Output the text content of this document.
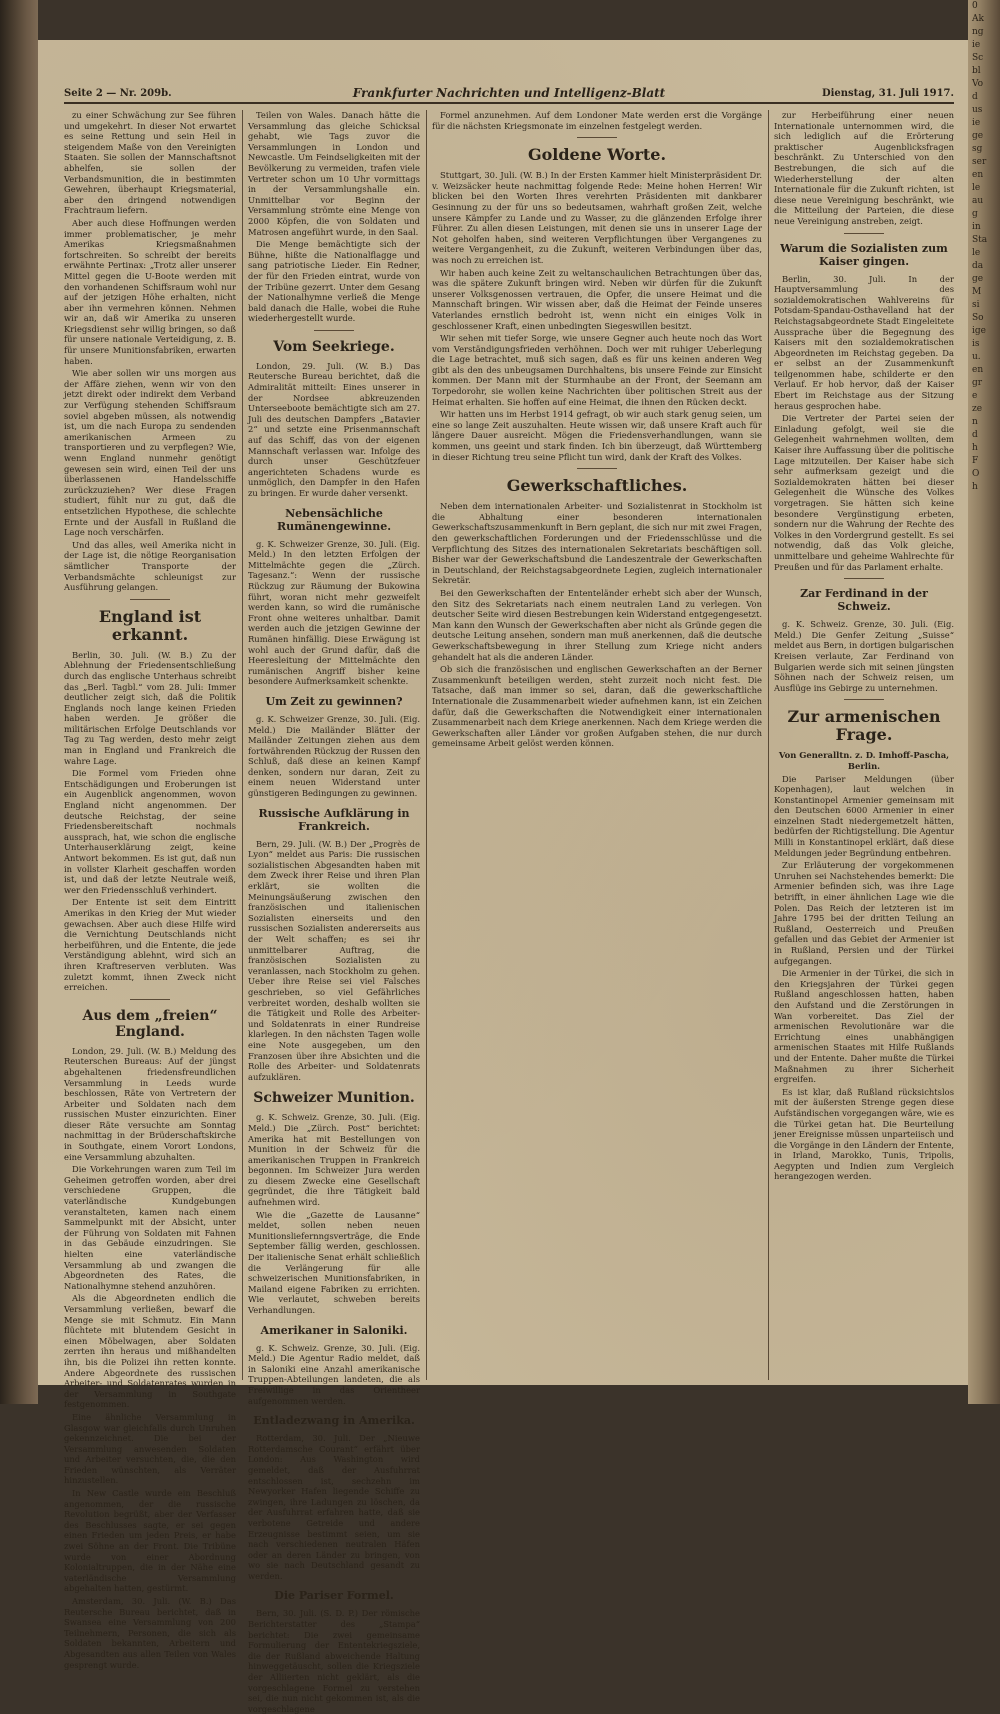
Seite 2 — Nr. 209b.	Frankfurter Nachrichten und Intelligenz-Blatt	Dienstag, 31. Juli 1917.

zu einer Schwächung zur See führen und umgekehrt. In dieser Not erwartet es seine Rettung und sein Heil in steigendem Maße von den Vereinigten Staaten. Sie sollen der Mannschaftsnot abhelfen, sie sollen der Verbandsmunition, die in bestimmten Gewehren, überhaupt Kriegsmaterial, aber den dringend notwendigen Frachtraum liefern.

Aber auch diese Hoffnungen werden immer problematischer, je mehr Amerikas Kriegsmaßnahmen fortschreiten. So schreibt der bereits erwähnte Pertinax: „Trotz aller unserer Mittel gegen die U-Boote werden mit den vorhandenen Schiffsraum wohl nur auf der jetzigen Höhe erhalten, nicht aber ihn vermehren können. Nehmen wir an, daß wir Amerika zu unseren Kriegsdienst sehr willig bringen, so daß für unsere nationale Verteidigung, z. B. für unsere Munitionsfabriken, erwarten haben.

Wie aber sollen wir uns morgen aus der Affäre ziehen, wenn wir von den jetzt direkt oder indirekt dem Verband zur Verfügung stehenden Schiffsraum soviel abgeben müssen, als notwendig ist, um die nach Europa zu sendenden amerikanischen Armeen zu transportieren und zu verpflegen? Wie, wenn England nunmehr genötigt gewesen sein wird, einen Teil der uns überlassenen Handelsschiffe zurückzuziehen? Wer diese Fragen studiert, fühlt nur zu gut, daß die entsetzlichen Hypothese, die schlechte Ernte und der Ausfall in Rußland die Lage noch verschärfen.

Und das alles, weil Amerika nicht in der Lage ist, die nötige Reorganisation sämtlicher Transporte der Verbandsmächte schleunigst zur Ausführung gelangen.

England ist erkannt.

Berlin, 30. Juli. (W. B.) Zu der Ablehnung der Friedensentschließung durch das englische Unterhaus schreibt das „Berl. Tagbl.“ vom 28. Juli: Immer deutlicher zeigt sich, daß die Politik Englands noch lange keinen Frieden haben werden. Je größer die militärischen Erfolge Deutschlands vor Tag zu Tag werden, desto mehr zeigt man in England und Frankreich die wahre Lage.

Die Formel vom Frieden ohne Entschädigungen und Eroberungen ist ein Augenblick angenommen, wovon England nicht angenommen. Der deutsche Reichstag, der seine Friedensbereitschaft nochmals aussprach, hat, wie schon die englische Unterhauserklärung zeigt, keine Antwort bekommen. Es ist gut, daß nun in vollster Klarheit geschaffen worden ist, und daß der letzte Neutrale weiß, wer den Friedensschluß verhindert.

Der Entente ist seit dem Eintritt Amerikas in den Krieg der Mut wieder gewachsen. Aber auch diese Hilfe wird die Vernichtung Deutschlands nicht herbeiführen, und die Entente, die jede Verständigung ablehnt, wird sich an ihren Kraftreserven verbluten. Was zuletzt kommt, ihnen Zweck nicht erreichen.

Aus dem „freien“ England.

London, 29. Juli. (W. B.) Meldung des Reuterschen Bureaus: Auf der jüngst abgehaltenen friedensfreundlichen Versammlung in Leeds wurde beschlossen, Räte von Vertretern der Arbeiter und Soldaten nach dem russischen Muster einzurichten. Einer dieser Räte versuchte am Sonntag nachmittag in der Brüderschaftskirche in Southgate, einem Vorort Londons, eine Versammlung abzuhalten.

Die Vorkehrungen waren zum Teil im Geheimen getroffen worden, aber drei verschiedene Gruppen, die vaterländische Kundgebungen veranstalteten, kamen nach einem Sammelpunkt mit der Absicht, unter der Führung von Soldaten mit Fahnen in das Gebäude einzudringen. Sie hielten eine vaterländische Versammlung ab und zwangen die Abgeordneten des Rates, die Nationalhymne stehend anzuhören.

Als die Abgeordneten endlich die Versammlung verließen, bewarf die Menge sie mit Schmutz. Ein Mann flüchtete mit blutendem Gesicht in einen Möbelwagen, aber Soldaten zerrten ihn heraus und mißhandelten ihn, bis die Polizei ihn retten konnte. Andere Abgeordnete des russischen Arbeiter- und Soldatenrates wurden in der Versammlung in Southgate festgenommen.

Eine ähnliche Versammlung in Glasgow war gleichfalls durch Unruhen gekennzeichnet. Die bei der Versammlung anwesenden Soldaten und Arbeiter versuchten, die, die den Frieden wünschten, als Verräter hinzustellen.

In New Castle wurde ein Beschluß angenommen, der die russische Revolution begrüßt, aber der Verfasser des Beschlusses sagte, er sei gegen einen Frieden um jeden Preis, er habe zwei Söhne an der Front. Die Tribüne wurde von einer Abordnung Kolonialtruppen, die in der Nähe eine vaterländische Versammlung abgehalten hatten, gestürmt.

Amsterdam, 30. Juli. (W. B.) Das Reutersche Bureau berichtet, daß in Swansea eine Versammlung von 200 Teilnehmern, Personen, die sich als Soldaten bekannten, Arbeitern und Abgesandten aus allen Teilen von Wales gesprengt wurde.

Teilen von Wales. Danach hätte die Versammlung das gleiche Schicksal gehabt, wie Tags zuvor die Versammlungen in London und Newcastle. Um Feindseligkeiten mit der Bevölkerung zu vermeiden, trafen viele Vertreter schon um 10 Uhr vormittags in der Versammlungshalle ein. Unmittelbar vor Beginn der Versammlung strömte eine Menge von 2000 Köpfen, die von Soldaten und Matrosen angeführt wurde, in den Saal.

Die Menge bemächtigte sich der Bühne, hißte die Nationalflagge und sang patriotische Lieder. Ein Redner, der für den Frieden eintrat, wurde von der Tribüne gezerrt. Unter dem Gesang der Nationalhymne verließ die Menge bald danach die Halle, wobei die Ruhe wiederhergestellt wurde.

Vom Seekriege.

London, 29. Juli. (W. B.) Das Reutersche Bureau berichtet, daß die Admiralität mitteilt: Eines unserer in der Nordsee abkreuzenden Unterseeboote bemächtigte sich am 27. Juli des deutschen Dampfers „Batavier 2“ und setzte eine Prisenmannschaft auf das Schiff, das von der eigenen Mannschaft verlassen war. Infolge des durch unser Geschützfeuer angerichteten Schadens wurde es unmöglich, den Dampfer in den Hafen zu bringen. Er wurde daher versenkt.

Nebensächliche Rumänengewinne.

g. K. Schweizer Grenze, 30. Juli. (Eig. Meld.) In den letzten Erfolgen der Mittelmächte gegen die „Zürch. Tagesanz.“: Wenn der russische Rückzug zur Räumung der Bukowina führt, woran nicht mehr gezweifelt werden kann, so wird die rumänische Front ohne weiteres unhaltbar. Damit werden auch die jetzigen Gewinne der Rumänen hinfällig. Diese Erwägung ist wohl auch der Grund dafür, daß die Heeresleitung der Mittelmächte den rumänischen Angriff bisher keine besondere Aufmerksamkeit schenkte.

Um Zeit zu gewinnen?

g. K. Schweizer Grenze, 30. Juli. (Eig. Meld.) Die Mailänder Blätter der Mailänder Zeitungen ziehen aus dem fortwährenden Rückzug der Russen den Schluß, daß diese an keinen Kampf denken, sondern nur daran, Zeit zu einem neuen Widerstand unter günstigeren Bedingungen zu gewinnen.

Russische Aufklärung in Frankreich.

Bern, 29. Juli. (W. B.) Der „Progrès de Lyon“ meldet aus Paris: Die russischen sozialistischen Abgesandten haben mit dem Zweck ihrer Reise und ihren Plan erklärt, sie wollten die Meinungsäußerung zwischen den französischen und italienischen Sozialisten einerseits und den russischen Sozialisten andererseits aus der Welt schaffen; es sei ihr unmittelbarer Auftrag, die französischen Sozialisten zu veranlassen, nach Stockholm zu gehen. Ueber ihre Reise sei viel Falsches geschrieben, so viel Gefährliches verbreitet worden, deshalb wollten sie die Tätigkeit und Rolle des Arbeiter- und Soldatenrats in einer Rundreise klarlegen. In den nächsten Tagen wolle eine Note ausgegeben, um den Franzosen über ihre Absichten und die Rolle des Arbeiter- und Soldatenrats aufzuklären.

Schweizer Munition.

g. K. Schweiz. Grenze, 30. Juli. (Eig. Meld.) Die „Zürch. Post“ berichtet: Amerika hat mit Bestellungen von Munition in der Schweiz für die amerikanischen Truppen in Frankreich begonnen. Im Schweizer Jura werden zu diesem Zwecke eine Gesellschaft gegründet, die ihre Tätigkeit bald aufnehmen wird.

Wie die „Gazette de Lausanne“ meldet, sollen neben neuen Munitionsliefernngsverträge, die Ende September fällig werden, geschlossen. Der italienische Senat erhält schließlich die Verlängerung für alle schweizerischen Munitionsfabriken, in Mailand eigene Fabriken zu errichten. Wie verlautet, schweben bereits Verhandlungen.

Amerikaner in Saloniki.

g. K. Schweiz. Grenze, 30. Juli. (Eig. Meld.) Die Agentur Radio meldet, daß in Saloniki eine Anzahl amerikanische Truppen-Abteilungen landeten, die als Freiwillige in das Orientheer aufgenommen werden.

Entladezwang in Amerika.

Rotterdam, 30. Juli. Der „Nieuwe Rotterdamsche Courant“ erfährt über London: Aus Washington wird gemeldet, daß der Ausfuhrrat entschlossen ist, sechzehn im Newyorker Hafen liegende Schiffe zu zwingen, ihre Ladungen zu löschen, da der Ausfuhrrat erfahren hatte, daß sie verbotene Getreide und andere Erzeugnisse bestimmt seien, um sie nach verschiedenen neutralen Häfen oder an deren Länder zu bringen, von wo sie nach Deutschland gesandt zu werden.

Die Pariser Formel.

Bern, 30. Juli. (S. D. P.) Der römische Berichterstatter des „Stampa“ berichtet: Die zwei gemeinsame Formulierung der Ententekriegsziele, die der Rußland abweichende Haltung hinweggetäuscht, sollen die Kriegsziele der Alliierten nicht geklärt, als die vorgeschlagene Formel zu verstehen sei, die nun nicht gekommen ist, als die vorgeschlagene

Formel anzunehmen. Auf dem Londoner Mate werden erst die Vorgänge für die nächsten Kriegsmonate im einzelnen festgelegt werden.

Goldene Worte.

Stuttgart, 30. Juli. (W. B.) In der Ersten Kammer hielt Ministerpräsident Dr. v. Weizsäcker heute nachmittag folgende Rede: Meine hohen Herren! Wir blicken bei den Worten Ihres verehrten Präsidenten mit dankbarer Gesinnung zu der für uns so bedeutsamen, wahrhaft großen Zeit, welche unsere Kämpfer zu Lande und zu Wasser, zu die glänzenden Erfolge ihrer Führer. Zu allen diesen Leistungen, mit denen sie uns in unserer Lage der Not geholfen haben, sind weiteren Verpflichtungen über Vergangenes zu weitere Vergangenheit, zu die Zukunft, weiteren Verbindungen über das, was noch zu erreichen ist.

Wir haben auch keine Zeit zu weltanschaulichen Betrachtungen über das, was die spätere Zukunft bringen wird. Neben wir dürfen für die Zukunft unserer Volksgenossen vertrauen, die Opfer, die unsere Heimat und die Mannschaft bringen. Wir wissen aber, daß die Heimat der Feinde unseres Vaterlandes ernstlich bedroht ist, wenn nicht ein einiges Volk in geschlossener Kraft, einen unbedingten Siegeswillen besitzt.

Wir sehen mit tiefer Sorge, wie unsere Gegner auch heute noch das Wort vom Verständigungsfrieden verhöhnen. Doch wer mit ruhiger Ueberlegung die Lage betrachtet, muß sich sagen, daß es für uns keinen anderen Weg gibt als den des unbeugsamen Durchhaltens, bis unsere Feinde zur Einsicht kommen. Der Mann mit der Sturmhaube an der Front, der Seemann am Torpedorohr, sie wollen keine Nachrichten über politischen Streit aus der Heimat erhalten. Sie hoffen auf eine Heimat, die ihnen den Rücken deckt.

Wir hatten uns im Herbst 1914 gefragt, ob wir auch stark genug seien, um eine so lange Zeit auszuhalten. Heute wissen wir, daß unsere Kraft auch für längere Dauer ausreicht. Mögen die Friedensverhandlungen, wann sie kommen, uns geeint und stark finden. Ich bin überzeugt, daß Württemberg in dieser Richtung treu seine Pflicht tun wird, dank der Kraft des Volkes.

Gewerkschaftliches.

Neben dem internationalen Arbeiter- und Sozialistenrat in Stockholm ist die Abhaltung einer besonderen internationalen Gewerkschaftszusammenkunft in Bern geplant, die sich nur mit zwei Fragen, den gewerkschaftlichen Forderungen und der Friedensschlüsse und die Verpflichtung des Sitzes des internationalen Sekretariats beschäftigen soll. Bisher war der Gewerkschaftsbund die Landeszentrale der Gewerkschaften in Deutschland, der Reichstagsabgeordnete Legien, zugleich internationaler Sekretär.

Bei den Gewerkschaften der Ententeländer erhebt sich aber der Wunsch, den Sitz des Sekretariats nach einem neutralen Land zu verlegen. Von deutscher Seite wird diesen Bestrebungen kein Widerstand entgegengesetzt. Man kann den Wunsch der Gewerkschaften aber nicht als Gründe gegen die deutsche Leitung ansehen, sondern man muß anerkennen, daß die deutsche Gewerkschaftsbewegung in ihrer Stellung zum Kriege nicht anders gehandelt hat als die anderen Länder.

Ob sich die französischen und englischen Gewerkschaften an der Berner Zusammenkunft beteiligen werden, steht zurzeit noch nicht fest. Die Tatsache, daß man immer so sei, daran, daß die gewerkschaftliche Internationale die Zusammenarbeit wieder aufnehmen kann, ist ein Zeichen dafür, daß die Gewerkschaften die Notwendigkeit einer internationalen Zusammenarbeit nach dem Kriege anerkennen. Nach dem Kriege werden die Gewerkschaften aller Länder vor großen Aufgaben stehen, die nur durch gemeinsame Arbeit gelöst werden können.

zur Herbeiführung einer neuen Internationale unternommen wird, die sich lediglich auf die Erörterung praktischer Augenblicksfragen beschränkt. Zu Unterschied von den Bestrebungen, die sich auf die Wiederherstellung der alten Internationale für die Zukunft richten, ist diese neue Vereinigung beschränkt, wie die Mitteilung der Parteien, die diese neue Vereinigung anstreben, zeigt.

Warum die Sozialisten zum Kaiser gingen.

Berlin, 30. Juli. In der Hauptversammlung des sozialdemokratischen Wahlvereins für Potsdam-Spandau-Osthavelland hat der Reichstagsabgeordnete Stadt Eingeleitete Aussprache über die Begegnung des Kaisers mit den sozialdemokratischen Abgeordneten im Reichstag gegeben. Da er selbst an der Zusammenkunft teilgenommen habe, schilderte er den Verlauf. Er hob hervor, daß der Kaiser Ebert im Reichstage aus der Sitzung heraus gesprochen habe.

Die Vertreter der Partei seien der Einladung gefolgt, weil sie die Gelegenheit wahrnehmen wollten, dem Kaiser ihre Auffassung über die politische Lage mitzuteilen. Der Kaiser habe sich sehr aufmerksam gezeigt und die Sozialdemokraten hätten bei dieser Gelegenheit die Wünsche des Volkes vorgetragen. Sie hätten sich keine besondere Vergünstigung erbeten, sondern nur die Wahrung der Rechte des Volkes in den Vordergrund gestellt. Es sei notwendig, daß das Volk gleiche, unmittelbare und geheime Wahlrechte für Preußen und für das Parlament erhalte.

Zar Ferdinand in der Schweiz.

g. K. Schweiz. Grenze, 30. Juli. (Eig. Meld.) Die Genfer Zeitung „Suisse“ meldet aus Bern, in dortigen bulgarischen Kreisen verlaute, Zar Ferdinand von Bulgarien werde sich mit seinen jüngsten Söhnen nach der Schweiz reisen, um Ausflüge ins Gebirge zu unternehmen.

Zur armenischen Frage.

Von Generalltn. z. D. Imhoff-Pascha, Berlin.

Die Pariser Meldungen (über Kopenhagen), laut welchen in Konstantinopel Armenier gemeinsam mit den Deutschen 6000 Armenier in einer einzelnen Stadt niedergemetzelt hätten, bedürfen der Richtigstellung. Die Agentur Milli in Konstantinopel erklärt, daß diese Meldungen jeder Begründung entbehren.

Zur Erläuterung der vorgekommenen Unruhen sei Nachstehendes bemerkt: Die Armenier befinden sich, was ihre Lage betrifft, in einer ähnlichen Lage wie die Polen. Das Reich der letzteren ist im Jahre 1795 bei der dritten Teilung an Rußland, Oesterreich und Preußen gefallen und das Gebiet der Armenier ist in Rußland, Persien und der Türkei aufgegangen.

Die Armenier in der Türkei, die sich in den Kriegsjahren der Türkei gegen Rußland angeschlossen hatten, haben den Aufstand und die Zerstörungen in Wan vorbereitet. Das Ziel der armenischen Revolutionäre war die Errichtung eines unabhängigen armenischen Staates mit Hilfe Rußlands und der Entente. Daher mußte die Türkei Maßnahmen zu ihrer Sicherheit ergreifen.

Es ist klar, daß Rußland rücksichtslos mit der äußersten Strenge gegen diese Aufständischen vorgegangen wäre, wie es die Türkei getan hat. Die Beurteilung jener Ereignisse müssen unparteiisch und die Vorgänge in den Ländern der Entente, in Irland, Marokko, Tunis, Tripolis, Aegypten und Indien zum Vergleich herangezogen werden.

0
Ak
ng
ie
Sc
bl
Vo
d
us
ie
ge
sg
ser
en
le
au
g
in
Sta
le
da
ge
M
si
So
ige
is
u.
en
gr
e
ze
n
d
h
F
O
h
